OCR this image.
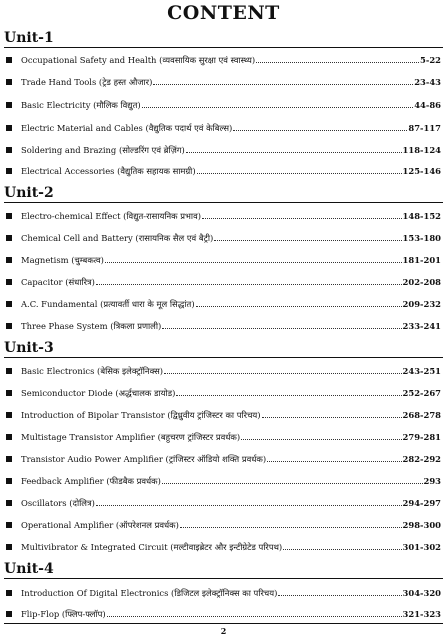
CONTENT
Unit-1
Occupational Safety and Health (व्यवसायिक सुरक्षा एवं स्वास्थ्य)	5-22
Trade Hand Tools (ट्रेड हस्त औजार)	23-43
Basic Electricity (मौलिक विद्युत)	44-86
Electric Material and Cables (वैद्युतिक पदार्थ एवं केबिल्स)	87-117
Soldering and Brazing (सोल्डरिंग एवं ब्रेज़िंग)	118-124
Electrical Accessories (वैद्युतिक सहायक सामग्री)	125-146
Unit-2
Electro-chemical Effect (विद्युत-रासायनिक प्रभाव)	148-152
Chemical Cell and Battery (रासायनिक सैल एवं बैट्री)	153-180
Magnetism (चुम्बकत्व)	181-201
Capacitor (संधारित्र)	202-208
A.C. Fundamental (प्रत्यावर्ती धारा के मूल सिद्धांत)	209-232
Three Phase System (त्रिकला प्रणाली)	233-241
Unit-3
Basic Electronics (बेसिक इलेक्ट्रॉनिक्स)	243-251
Semiconductor Diode (अर्द्धचालक डायोड)	252-267
Introduction of Bipolar Transistor (द्विध्रुवीय ट्रांजिस्टर का परिचय)	268-278
Multistage Transistor Amplifier (बहुचरण ट्रांजिस्टर प्रवर्धक)	279-281
Transistor Audio Power Amplifier (ट्रांजिस्टर ऑडियो शक्ति प्रवर्धक)	282-292
Feedback Amplifier (फीडबैक प्रवर्धक)	293
Oscillators (दोलित्र)	294-297
Operational Amplifier (ऑपरेशनल प्रवर्धक)	298-300
Multivibrator & Integrated Circuit (मल्टीवाइब्रेटर और इन्टीग्रेटेड परिपथ)	301-302
Unit-4
Introduction Of Digital Electronics (डिजिटल इलेक्ट्रॉनिक्स का परिचय)	304-320
Flip-Flop (फ्लिप-फ्लॉप)	321-323
2
